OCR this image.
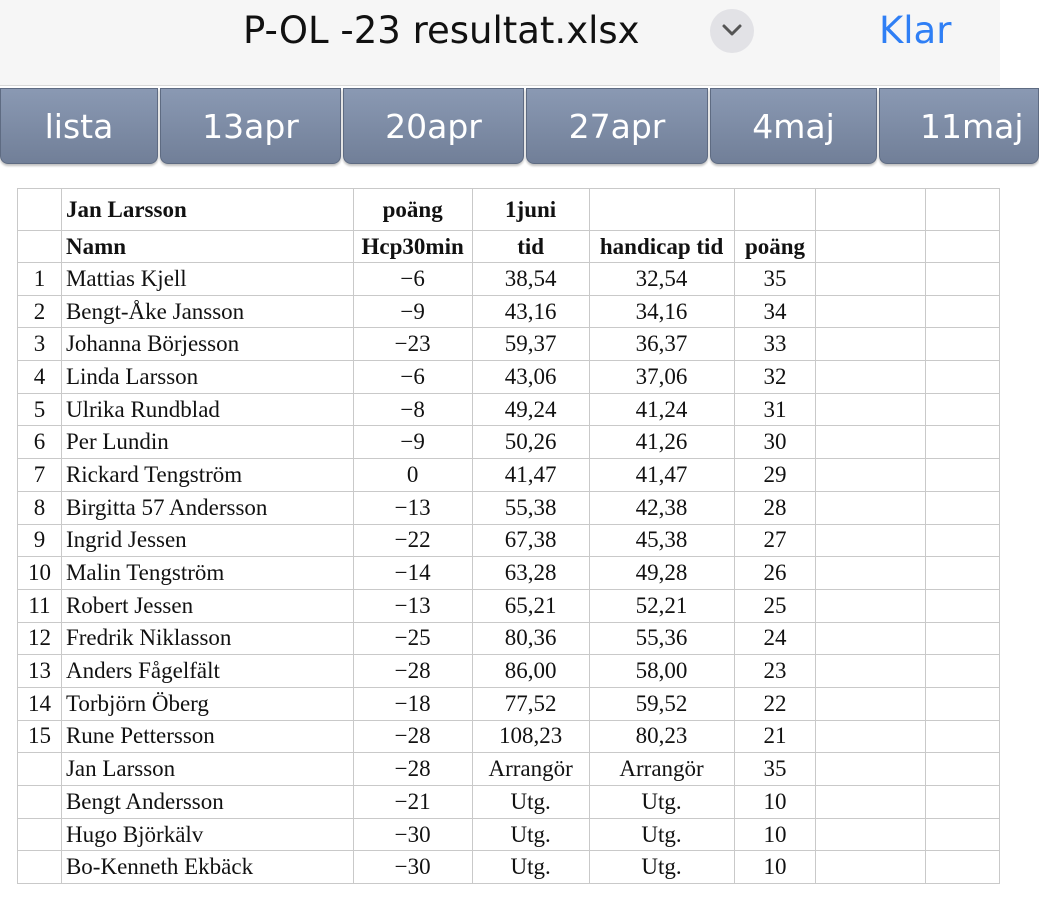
P-OL -23 resultat.xlsx	Klar
lista	13apr	20apr	27apr	4maj	11maj
	Jan Larsson	poäng	1juni				
	Namn	Hcp30min	tid	handicap tid	poäng		
1	Mattias Kjell	−6	38,54	32,54	35		
2	Bengt-Åke Jansson	−9	43,16	34,16	34		
3	Johanna Börjesson	−23	59,37	36,37	33		
4	Linda Larsson	−6	43,06	37,06	32		
5	Ulrika Rundblad	−8	49,24	41,24	31		
6	Per Lundin	−9	50,26	41,26	30		
7	Rickard Tengström	0	41,47	41,47	29		
8	Birgitta 57 Andersson	−13	55,38	42,38	28		
9	Ingrid Jessen	−22	67,38	45,38	27		
10	Malin Tengström	−14	63,28	49,28	26		
11	Robert Jessen	−13	65,21	52,21	25		
12	Fredrik Niklasson	−25	80,36	55,36	24		
13	Anders Fågelfält	−28	86,00	58,00	23		
14	Torbjörn Öberg	−18	77,52	59,52	22		
15	Rune Pettersson	−28	108,23	80,23	21		
	Jan Larsson	−28	Arrangör	Arrangör	35		
	Bengt Andersson	−21	Utg.	Utg.	10		
	Hugo Björkälv	−30	Utg.	Utg.	10		
	Bo-Kenneth Ekbäck	−30	Utg.	Utg.	10		
